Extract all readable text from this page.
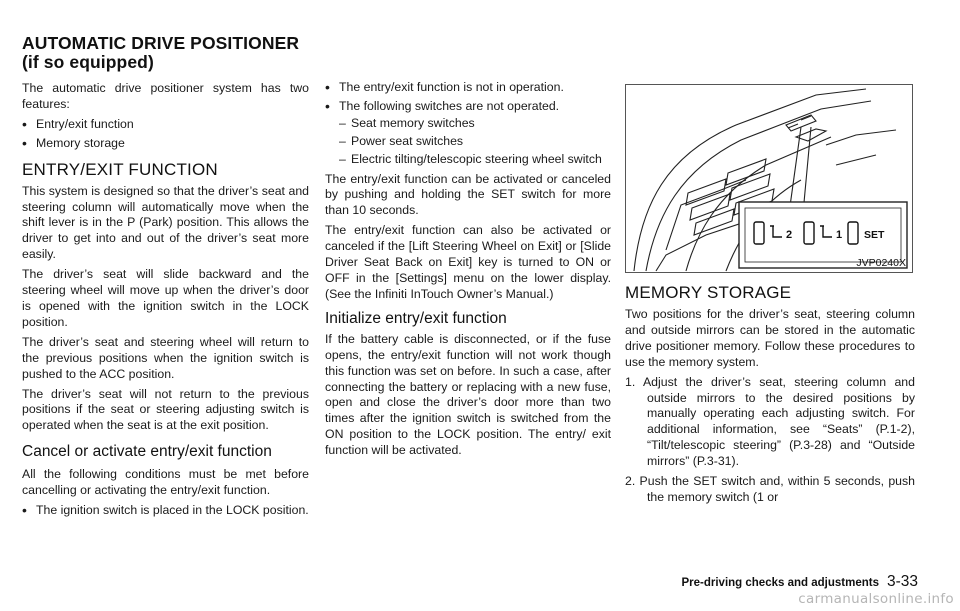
AUTOMATIC DRIVE POSITIONER
(if so equipped)

The automatic drive positioner system has two features:

• Entry/exit function
• Memory storage
ENTRY/EXIT FUNCTION

This system is designed so that the driver’s seat and steering column will automatically move when the shift lever is in the P (Park) position. This allows the driver to get into and out of the driver’s seat more easily.

The driver’s seat will slide backward and the steering wheel will move up when the driver’s door is opened with the ignition switch in the LOCK position.

The driver’s seat and steering wheel will return to the previous positions when the ignition switch is pushed to the ACC position.

The driver’s seat will not return to the previous positions if the seat or steering adjusting switch is operated when the seat is at the exit position.

Cancel or activate entry/exit function

All the following conditions must be met before cancelling or activating the entry/exit function.

• The ignition switch is placed in the LOCK position.
• The entry/exit function is not in operation.
• The following switches are not operated.
– Seat memory switches
– Power seat switches
– Electric tilting/telescopic steering wheel switch

The entry/exit function can be activated or canceled by pushing and holding the SET switch for more than 10 seconds.

The entry/exit function can also be activated or canceled if the [Lift Steering Wheel on Exit] or [Slide Driver Seat Back on Exit] key is turned to ON or OFF in the [Settings] menu on the lower display. (See the Infiniti InTouch Owner’s Manual.)

Initialize entry/exit function

If the battery cable is disconnected, or if the fuse opens, the entry/exit function will not work though this function was set on before. In such a case, after connecting the battery or replacing with a new fuse, open and close the driver’s door more than two times after the ignition switch is switched from the ON position to the LOCK position. The entry/ exit function will be activated.

2	1 SET
JVP0240X
MEMORY STORAGE

Two positions for the driver’s seat, steering column and outside mirrors can be stored in the automatic drive positioner memory. Follow these procedures to use the memory system.

1. Adjust the driver’s seat, steering column and outside mirrors to the desired positions by manually operating each adjusting switch. For additional information, see “Seats” (P.1-2), “Tilt/telescopic steering” (P.3-28) and “Outside mirrors” (P.3-31).
2. Push the SET switch and, within 5 seconds, push the memory switch (1 or
Pre-driving checks and adjustments 3-33
carmanualsonline.info
